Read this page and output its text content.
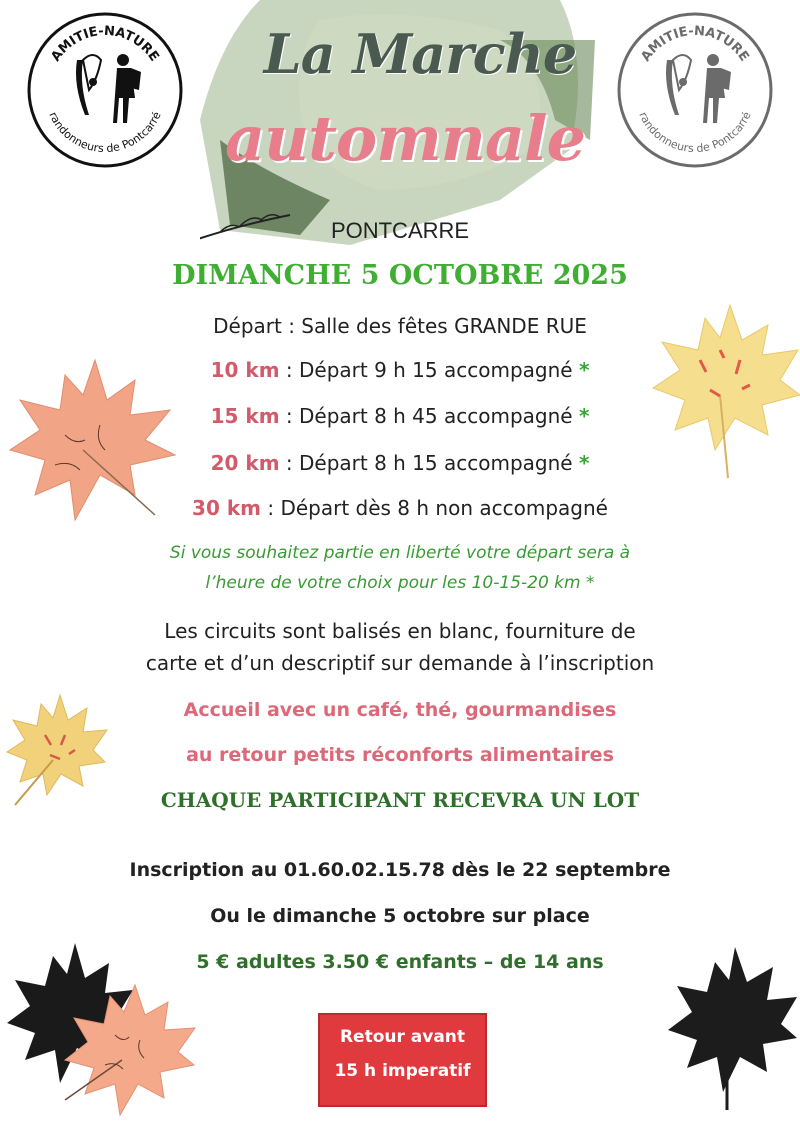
AMITIE-NATURE
randonneurs de Pontcarré
AMITIE-NATURE
randonneurs de Pontcarré
La Marche
automnale
PONTCARRE
DIMANCHE 5 OCTOBRE 2025
Départ : Salle des fêtes GRANDE RUE
10 km : Départ 9 h 15 accompagné *
15 km : Départ 8 h 45 accompagné *
20 km : Départ 8 h 15 accompagné *
30 km : Départ dès 8 h non accompagné
Si vous souhaitez partie en liberté votre départ sera à
l’heure de votre choix pour les 10-15-20 km *
Les circuits sont balisés en blanc, fourniture de
carte et d’un descriptif sur demande à l’inscription
Accueil avec un café, thé, gourmandises
au retour petits réconforts alimentaires
CHAQUE PARTICIPANT RECEVRA UN LOT
Inscription au 01.60.02.15.78 dès le 22 septembre
Ou le dimanche 5 octobre sur place
5 € adultes 3.50 € enfants – de 14 ans
Retour avant
15 h imperatif
